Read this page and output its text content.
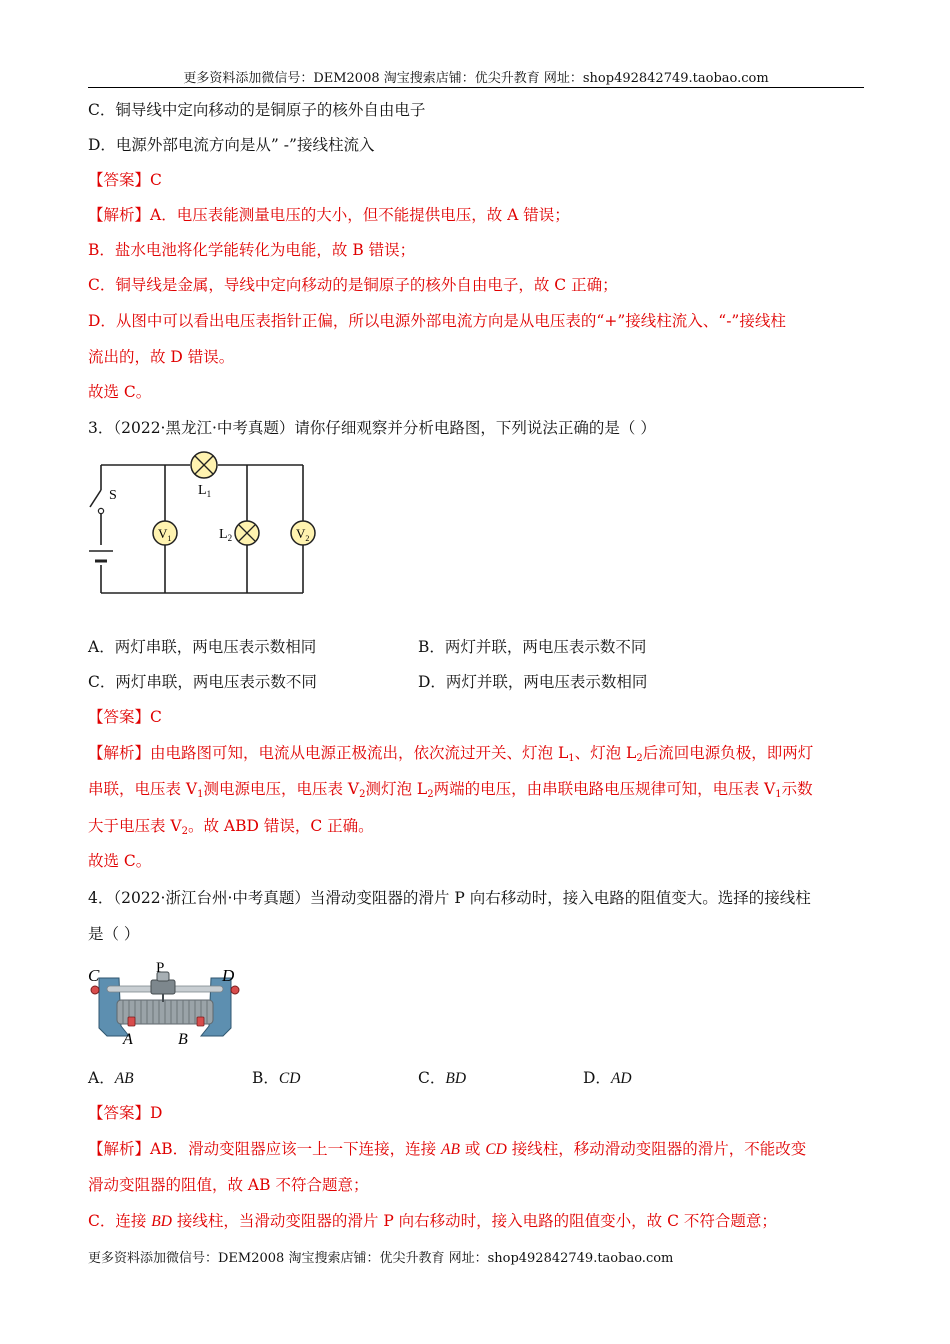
更多资料添加微信号：DEM2008 淘宝搜索店铺：优尖升教育 网址：shop492842749.taobao.com
C．铜导线中定向移动的是铜原子的核外自由电子
D．电源外部电流方向是从” -”接线柱流入
【答案】C
【解析】A．电压表能测量电压的大小，但不能提供电压，故 A 错误；
B．盐水电池将化学能转化为电能，故 B 错误；
C．铜导线是金属，导线中定向移动的是铜原子的核外自由电子，故 C 正确；
D．从图中可以看出电压表指针正偏，所以电源外部电流方向是从电压表的“+”接线柱流入、“-”接线柱
流出的，故 D 错误。
故选 C。
3．（2022·黑龙江·中考真题）请你仔细观察并分析电路图，下列说法正确的是（ ）
S	$L_1$
$V_1$	$L_2$	$V_2$
A．两灯串联，两电压表示数相同	B．两灯并联，两电压表示数不同
C．两灯串联，两电压表示数不同	D．两灯并联，两电压表示数相同
【答案】C
【解析】由电路图可知，电流从电源正极流出，依次流过开关、灯泡 $L_1$、灯泡 $L_2$后流回电源负极，即两灯
串联，电压表 $V_1$测电源电压，电压表 $V_2$测灯泡 $L_2$两端的电压，由串联电路电压规律可知，电压表 $V_1$示数
大于电压表 $V_2$。故 ABD 错误，C 正确。
故选 C。
4．（2022·浙江台州·中考真题）当滑动变阻器的滑片 P 向右移动时，接入电路的阻值变大。选择的接线柱
是（ ）
C	D
P
A	B
A．AB	B．CD	C．BD	D．AD
【答案】D
【解析】AB．滑动变阻器应该一上一下连接，连接 AB 或 CD 接线柱，移动滑动变阻器的滑片，不能改变
滑动变阻器的阻值，故 AB 不符合题意；
C．连接 BD 接线柱，当滑动变阻器的滑片 P 向右移动时，接入电路的阻值变小，故 C 不符合题意；
更多资料添加微信号：DEM2008 淘宝搜索店铺：优尖升教育 网址：shop492842749.taobao.com
